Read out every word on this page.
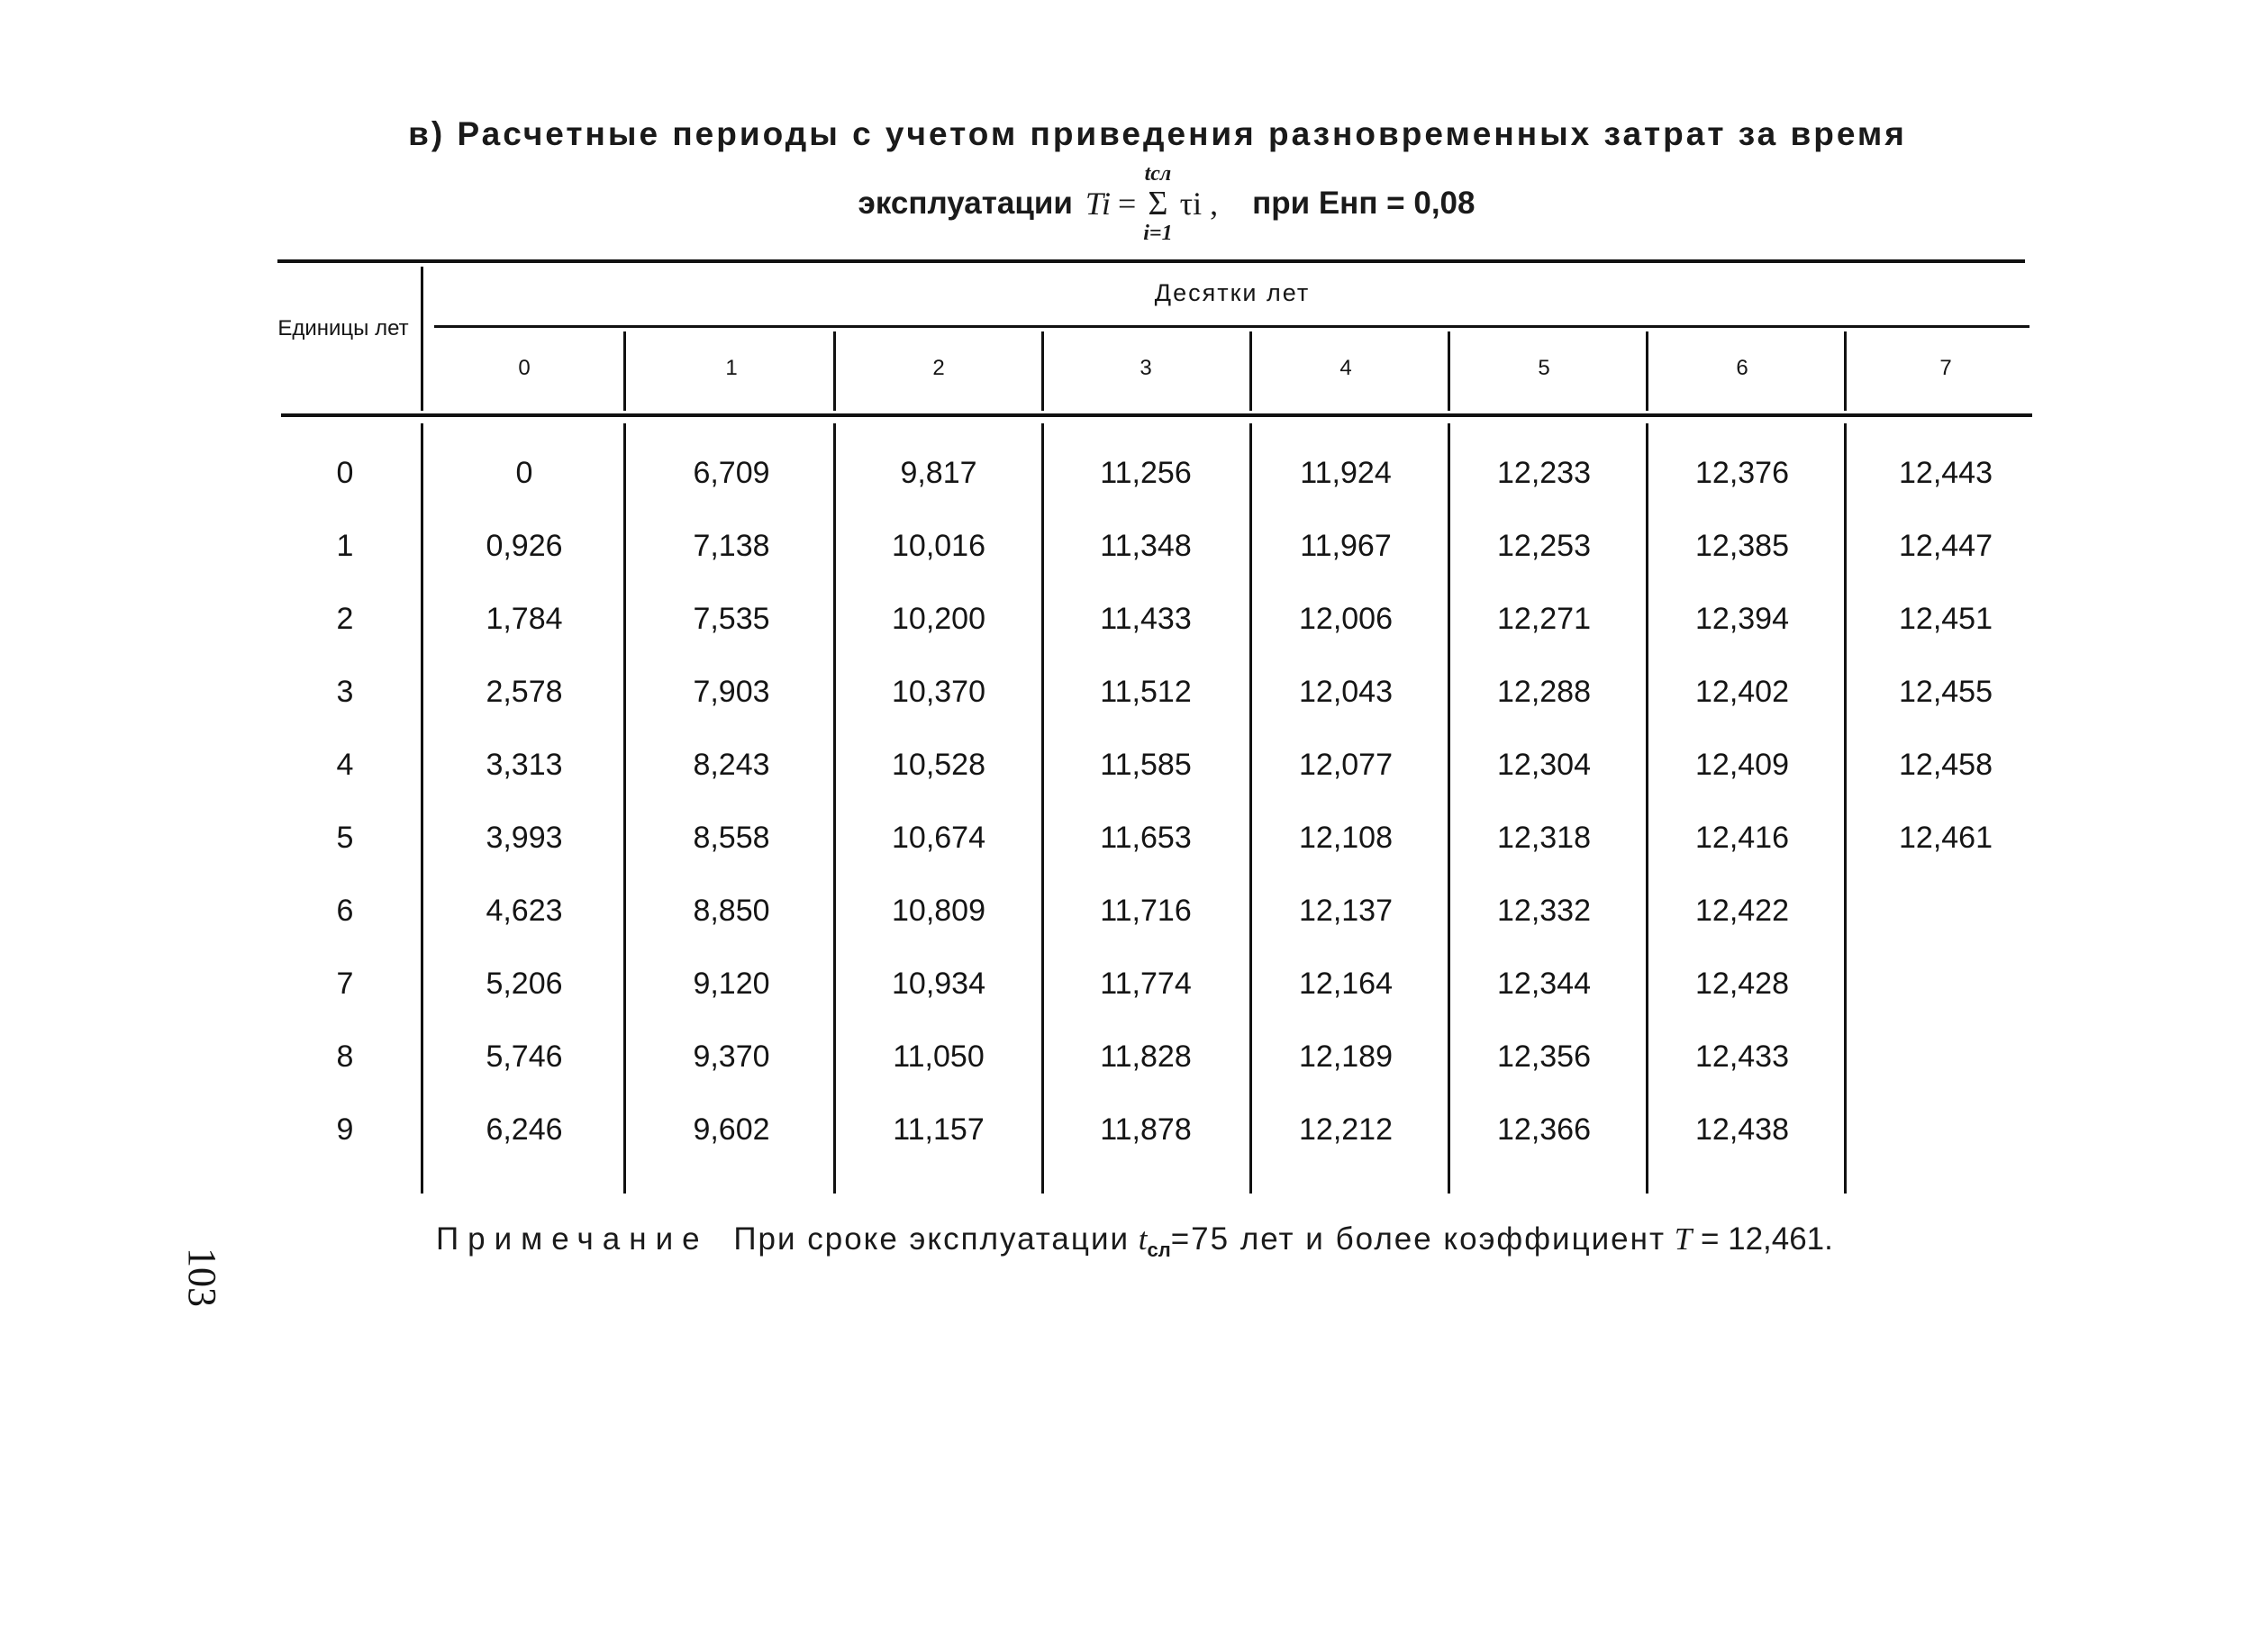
в) Расчетные периоды с учетом приведения разновременных затрат за время
эксплуатации Ti =
tсл
Σ
i=1
τi , при Eнп = 0,08
Единицы лет
Десятки лет
0	1	2	3	4	5	6	7
0	0	6,709	9,817	11,256	11,924	12,233	12,376	12,443
1	0,926	7,138	10,016	11,348	11,967	12,253	12,385	12,447
2	1,784	7,535	10,200	11,433	12,006	12,271	12,394	12,451
3	2,578	7,903	10,370	11,512	12,043	12,288	12,402	12,455
4	3,313	8,243	10,528	11,585	12,077	12,304	12,409	12,458
5	3,993	8,558	10,674	11,653	12,108	12,318	12,416	12,461
6	4,623	8,850	10,809	11,716	12,137	12,332	12,422
7	5,206	9,120	10,934	11,774	12,164	12,344	12,428
8	5,746	9,370	11,050	11,828	12,189	12,356	12,433
9	6,246	9,602	11,157	11,878	12,212	12,366	12,438
Примечание При сроке эксплуатации $t_{сл}=75$ лет и более коэффициент T = 12,461.
103
